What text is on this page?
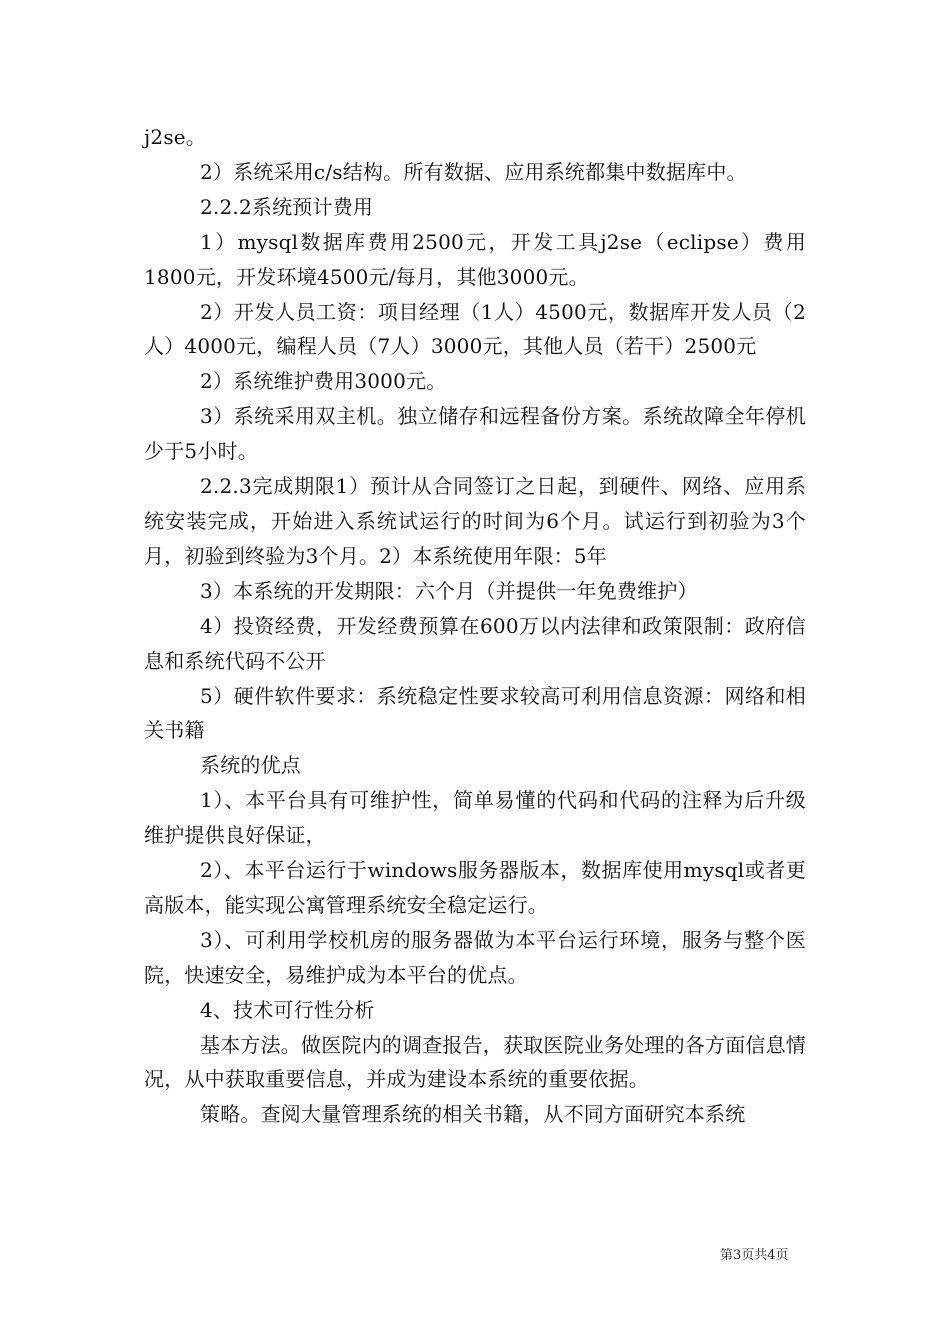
j2se。

2）系统采用c/s结构。所有数据、应用系统都集中数据库中。

2.2.2系统预计费用

1）mysql数据库费用2500元，开发工具j2se（eclipse）费用1800元，开发环境4500元/每月，其他3000元。

2）开发人员工资：项目经理（1人）4500元，数据库开发人员（2人）4000元，编程人员（7人）3000元，其他人员（若干）2500元

2）系统维护费用3000元。

3）系统采用双主机。独立储存和远程备份方案。系统故障全年停机少于5小时。

2.2.3完成期限1）预计从合同签订之日起，到硬件、网络、应用系统安装完成，开始进入系统试运行的时间为6个月。试运行到初验为3个月，初验到终验为3个月。2）本系统使用年限：5年

3）本系统的开发期限：六个月（并提供一年免费维护）

4）投资经费，开发经费预算在600万以内法律和政策限制：政府信息和系统代码不公开

5）硬件软件要求：系统稳定性要求较高可利用信息资源：网络和相关书籍

系统的优点

1）、本平台具有可维护性，简单易懂的代码和代码的注释为后升级维护提供良好保证，

2）、本平台运行于windows服务器版本，数据库使用mysql或者更高版本，能实现公寓管理系统安全稳定运行。

3）、可利用学校机房的服务器做为本平台运行环境，服务与整个医院，快速安全，易维护成为本平台的优点。

4、技术可行性分析

基本方法。做医院内的调查报告，获取医院业务处理的各方面信息情况，从中获取重要信息，并成为建设本系统的重要依据。

策略。查阅大量管理系统的相关书籍，从不同方面研究本系统

第3页共4页
